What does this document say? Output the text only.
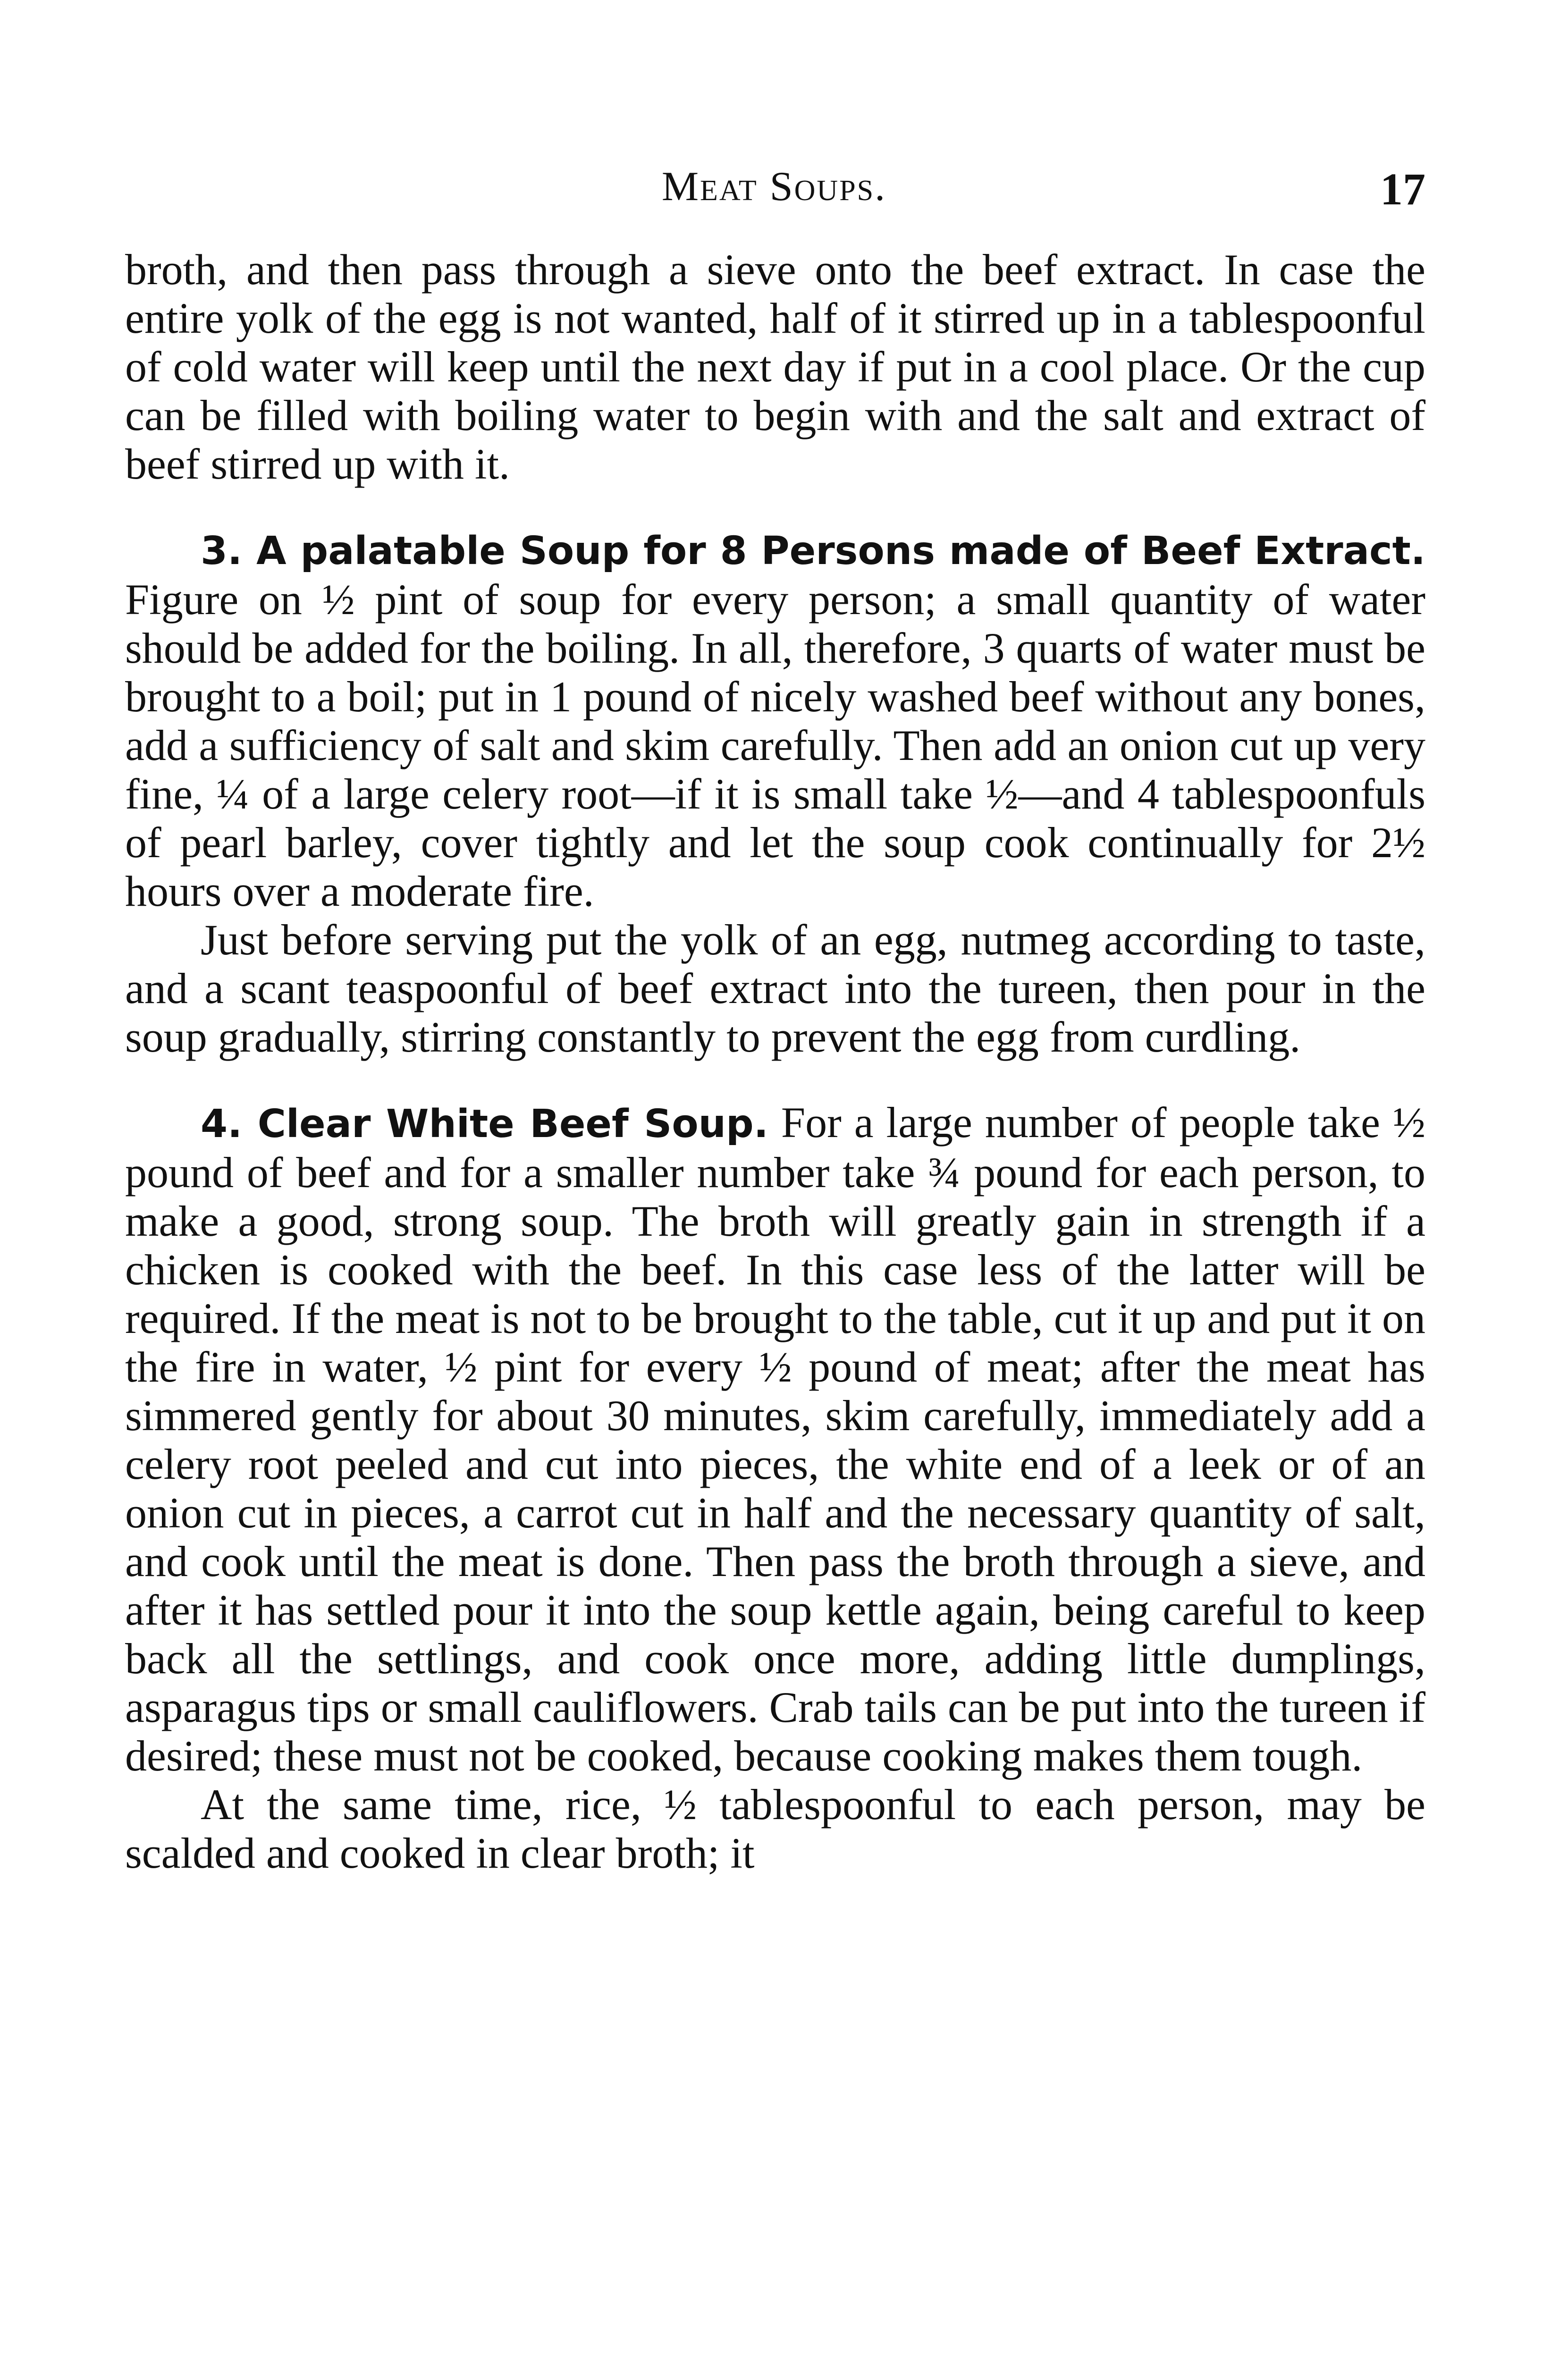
Meat Soups.	17

broth, and then pass through a sieve onto the beef extract. In case the entire yolk of the egg is not wanted, half of it stirred up in a tablespoonful of cold water will keep until the next day if put in a cool place. Or the cup can be filled with boiling water to begin with and the salt and extract of beef stirred up with it.

3. A palatable Soup for 8 Persons made of Beef Extract. Figure on ½ pint of soup for every person; a small quantity of water should be added for the boiling. In all, therefore, 3 quarts of water must be brought to a boil; put in 1 pound of nicely washed beef without any bones, add a sufficiency of salt and skim carefully. Then add an onion cut up very fine, ¼ of a large celery root—if it is small take ½—and 4 tablespoonfuls of pearl barley, cover tightly and let the soup cook continually for 2½ hours over a moderate fire.

Just before serving put the yolk of an egg, nutmeg according to taste, and a scant teaspoonful of beef extract into the tureen, then pour in the soup gradually, stirring constantly to prevent the egg from curdling.

4. Clear White Beef Soup. For a large number of people take ½ pound of beef and for a smaller number take ¾ pound for each person, to make a good, strong soup. The broth will greatly gain in strength if a chicken is cooked with the beef. In this case less of the latter will be required. If the meat is not to be brought to the table, cut it up and put it on the fire in water, ½ pint for every ½ pound of meat; after the meat has simmered gently for about 30 minutes, skim carefully, immediately add a celery root peeled and cut into pieces, the white end of a leek or of an onion cut in pieces, a carrot cut in half and the necessary quantity of salt, and cook until the meat is done. Then pass the broth through a sieve, and after it has settled pour it into the soup kettle again, being careful to keep back all the settlings, and cook once more, adding little dumplings, asparagus tips or small cauliflowers. Crab tails can be put into the tureen if desired; these must not be cooked, because cooking makes them tough.

At the same time, rice, ½ tablespoonful to each person, may be scalded and cooked in clear broth; it
